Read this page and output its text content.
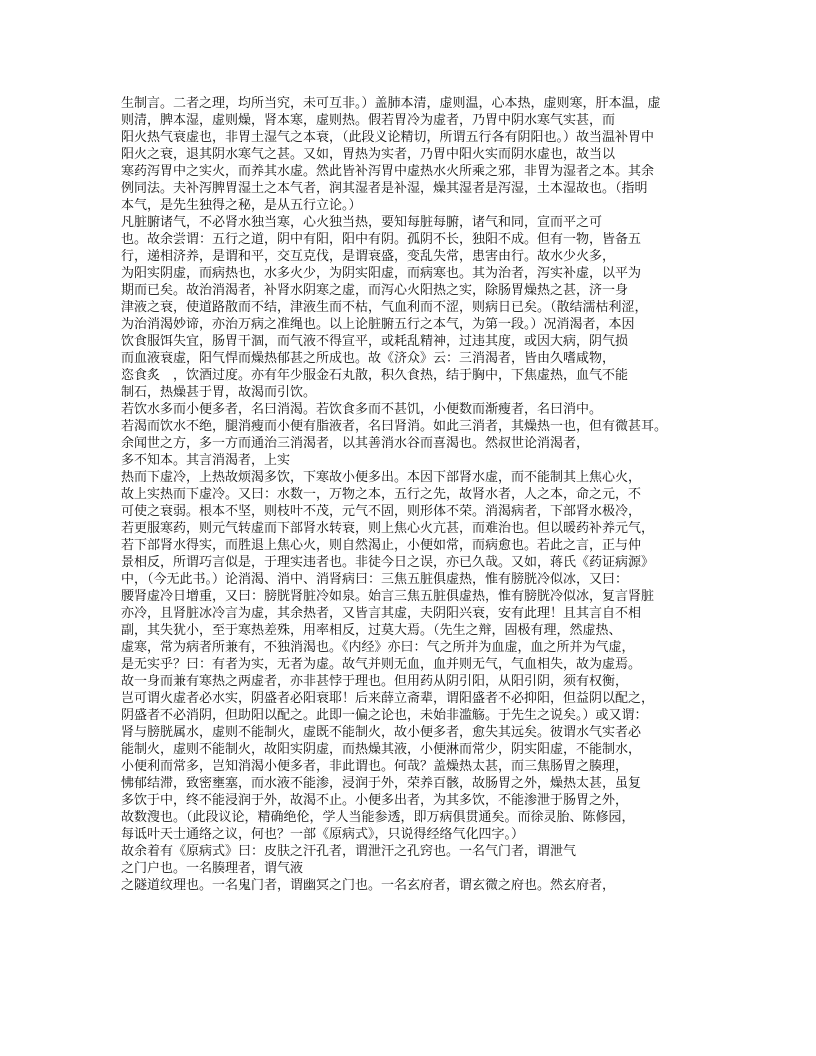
生制言。二者之理，均所当究，未可互非。）盖肺本清，虚则温，心本热，虚则寒，肝本温，虚
则清，脾本湿，虚则燥，肾本寒，虚则热。假若胃冷为虚者，乃胃中阴水寒气实甚，而
阳火热气衰虚也，非胃土湿气之本衰，（此段义论精切，所谓五行各有阴阳也。）故当温补胃中
阳火之衰，退其阴水寒气之甚。又如，胃热为实者，乃胃中阳火实而阴水虚也，故当以
寒药泻胃中之实火，而养其水虚。然此皆补泻胃中虚热水火所乘之邪，非胃为湿者之本。其余
例同法。夫补泻脾胃湿土之本气者，润其湿者是补湿，燥其湿者是泻湿，土本湿故也。（指明
本气，是先生独得之秘，是从五行立论。）
凡脏腑诸气，不必肾水独当寒，心火独当热，要知每脏每腑，诸气和同，宣而平之可
也。故余尝谓：五行之道，阴中有阳，阳中有阴。孤阴不长，独阳不成。但有一物，皆备五
行，递相济养，是谓和平，交互克伐，是谓衰盛，变乱失常，患害由行。故水少火多，
为阳实阴虚，而病热也，水多火少，为阴实阳虚，而病寒也。其为治者，泻实补虚，以平为
期而已矣。故治消渴者，补肾水阴寒之虚，而泻心火阳热之实，除肠胃燥热之甚，济一身
津液之衰，使道路散而不结，津液生而不枯，气血利而不涩，则病日已矣。（散结濡枯利涩，
为治消渴妙谛，亦治万病之准绳也。以上论脏腑五行之本气，为第一段。）况消渴者，本因
饮食服饵失宜，肠胃干涸，而气液不得宣平，或耗乱精神，过违其度，或因大病，阴气损
而血液衰虚，阳气悍而燥热郁甚之所成也。故《济众》云：三消渴者，皆由久嗜咸物，
恣食炙　，饮酒过度。亦有年少服金石丸散，积久食热，结于胸中，下焦虚热，血气不能
制石，热燥甚于胃，故渴而引饮。
若饮水多而小便多者，名曰消渴。若饮食多而不甚饥，小便数而渐瘦者，名曰消中。
若渴而饮水不绝，腿消瘦而小便有脂液者，名曰肾消。如此三消者，其燥热一也，但有微甚耳。
余闻世之方，多一方而通治三消渴者，以其善消水谷而喜渴也。然叔世论消渴者，
多不知本。其言消渴者，上实
热而下虚冷，上热故烦渴多饮，下寒故小便多出。本因下部肾水虚，而不能制其上焦心火，
故上实热而下虚冷。又曰：水数一，万物之本，五行之先，故肾水者，人之本，命之元，不
可使之衰弱。根本不坚，则枝叶不茂，元气不固，则形体不荣。消渴病者，下部肾水极冷，
若更服寒药，则元气转虚而下部肾水转衰，则上焦心火亢甚，而难治也。但以暖药补养元气，
若下部肾水得实，而胜退上焦心火，则自然渴止，小便如常，而病愈也。若此之言，正与仲
景相反，所谓巧言似是，于理实违者也。非徒今日之误，亦已久哉。又如，蒋氏《药证病源》
中，（今无此书。）论消渴、消中、消肾病曰：三焦五脏俱虚热，惟有膀胱冷似冰，又曰：
腰肾虚冷日增重，又曰：膀胱肾脏冷如泉。始言三焦五脏俱虚热，惟有膀胱冷似冰，复言肾脏
亦冷，且肾脏冰冷言为虚，其余热者，又皆言其虚，夫阴阳兴衰，安有此理！且其言自不相
副，其失犹小，至于寒热差殊，用率相反，过莫大焉。（先生之辩，固极有理，然虚热、
虚寒，常为病者所兼有，不独消渴也。《内经》亦曰：气之所并为血虚，血之所并为气虚，
是无实乎？曰：有者为实，无者为虚。故气并则无血，血并则无气，气血相失，故为虚焉。
故一身而兼有寒热之两虚者，亦非甚悖于理也。但用药从阴引阳，从阳引阴，须有权衡，
岂可谓火虚者必水实，阴盛者必阳衰耶！后来薛立斋辈，谓阳盛者不必抑阳，但益阴以配之，
阴盛者不必消阴，但助阳以配之。此即一偏之论也，未始非滥觞。于先生之说矣。）或又谓：
肾与膀胱属水，虚则不能制火，虚既不能制火，故小便多者，愈失其远矣。彼谓水气实者必
能制火，虚则不能制火，故阳实阴虚，而热燥其液，小便淋而常少，阴实阳虚，不能制水，
小便利而常多，岂知消渴小便多者，非此谓也。何哉？盖燥热太甚，而三焦肠胃之腠理，
怫郁结滞，致密壅塞，而水液不能渗，浸润于外，荣养百骸，故肠胃之外，燥热太甚，虽复
多饮于中，终不能浸润于外，故渴不止。小便多出者，为其多饮，不能渗泄于肠胃之外，
故数溲也。（此段议论，精确绝伦，学人当能参透，即万病俱贯通矣。而徐灵胎、陈修园，
每诋叶天士通络之议，何也？一部《原病式》，只说得经络气化四字。）
故余着有《原病式》曰：皮肤之汗孔者，谓泄汗之孔窍也。一名气门者，谓泄气
之门户也。一名腠理者，谓气液
之隧道纹理也。一名鬼门者，谓幽冥之门也。一名玄府者，谓玄微之府也。然玄府者，
